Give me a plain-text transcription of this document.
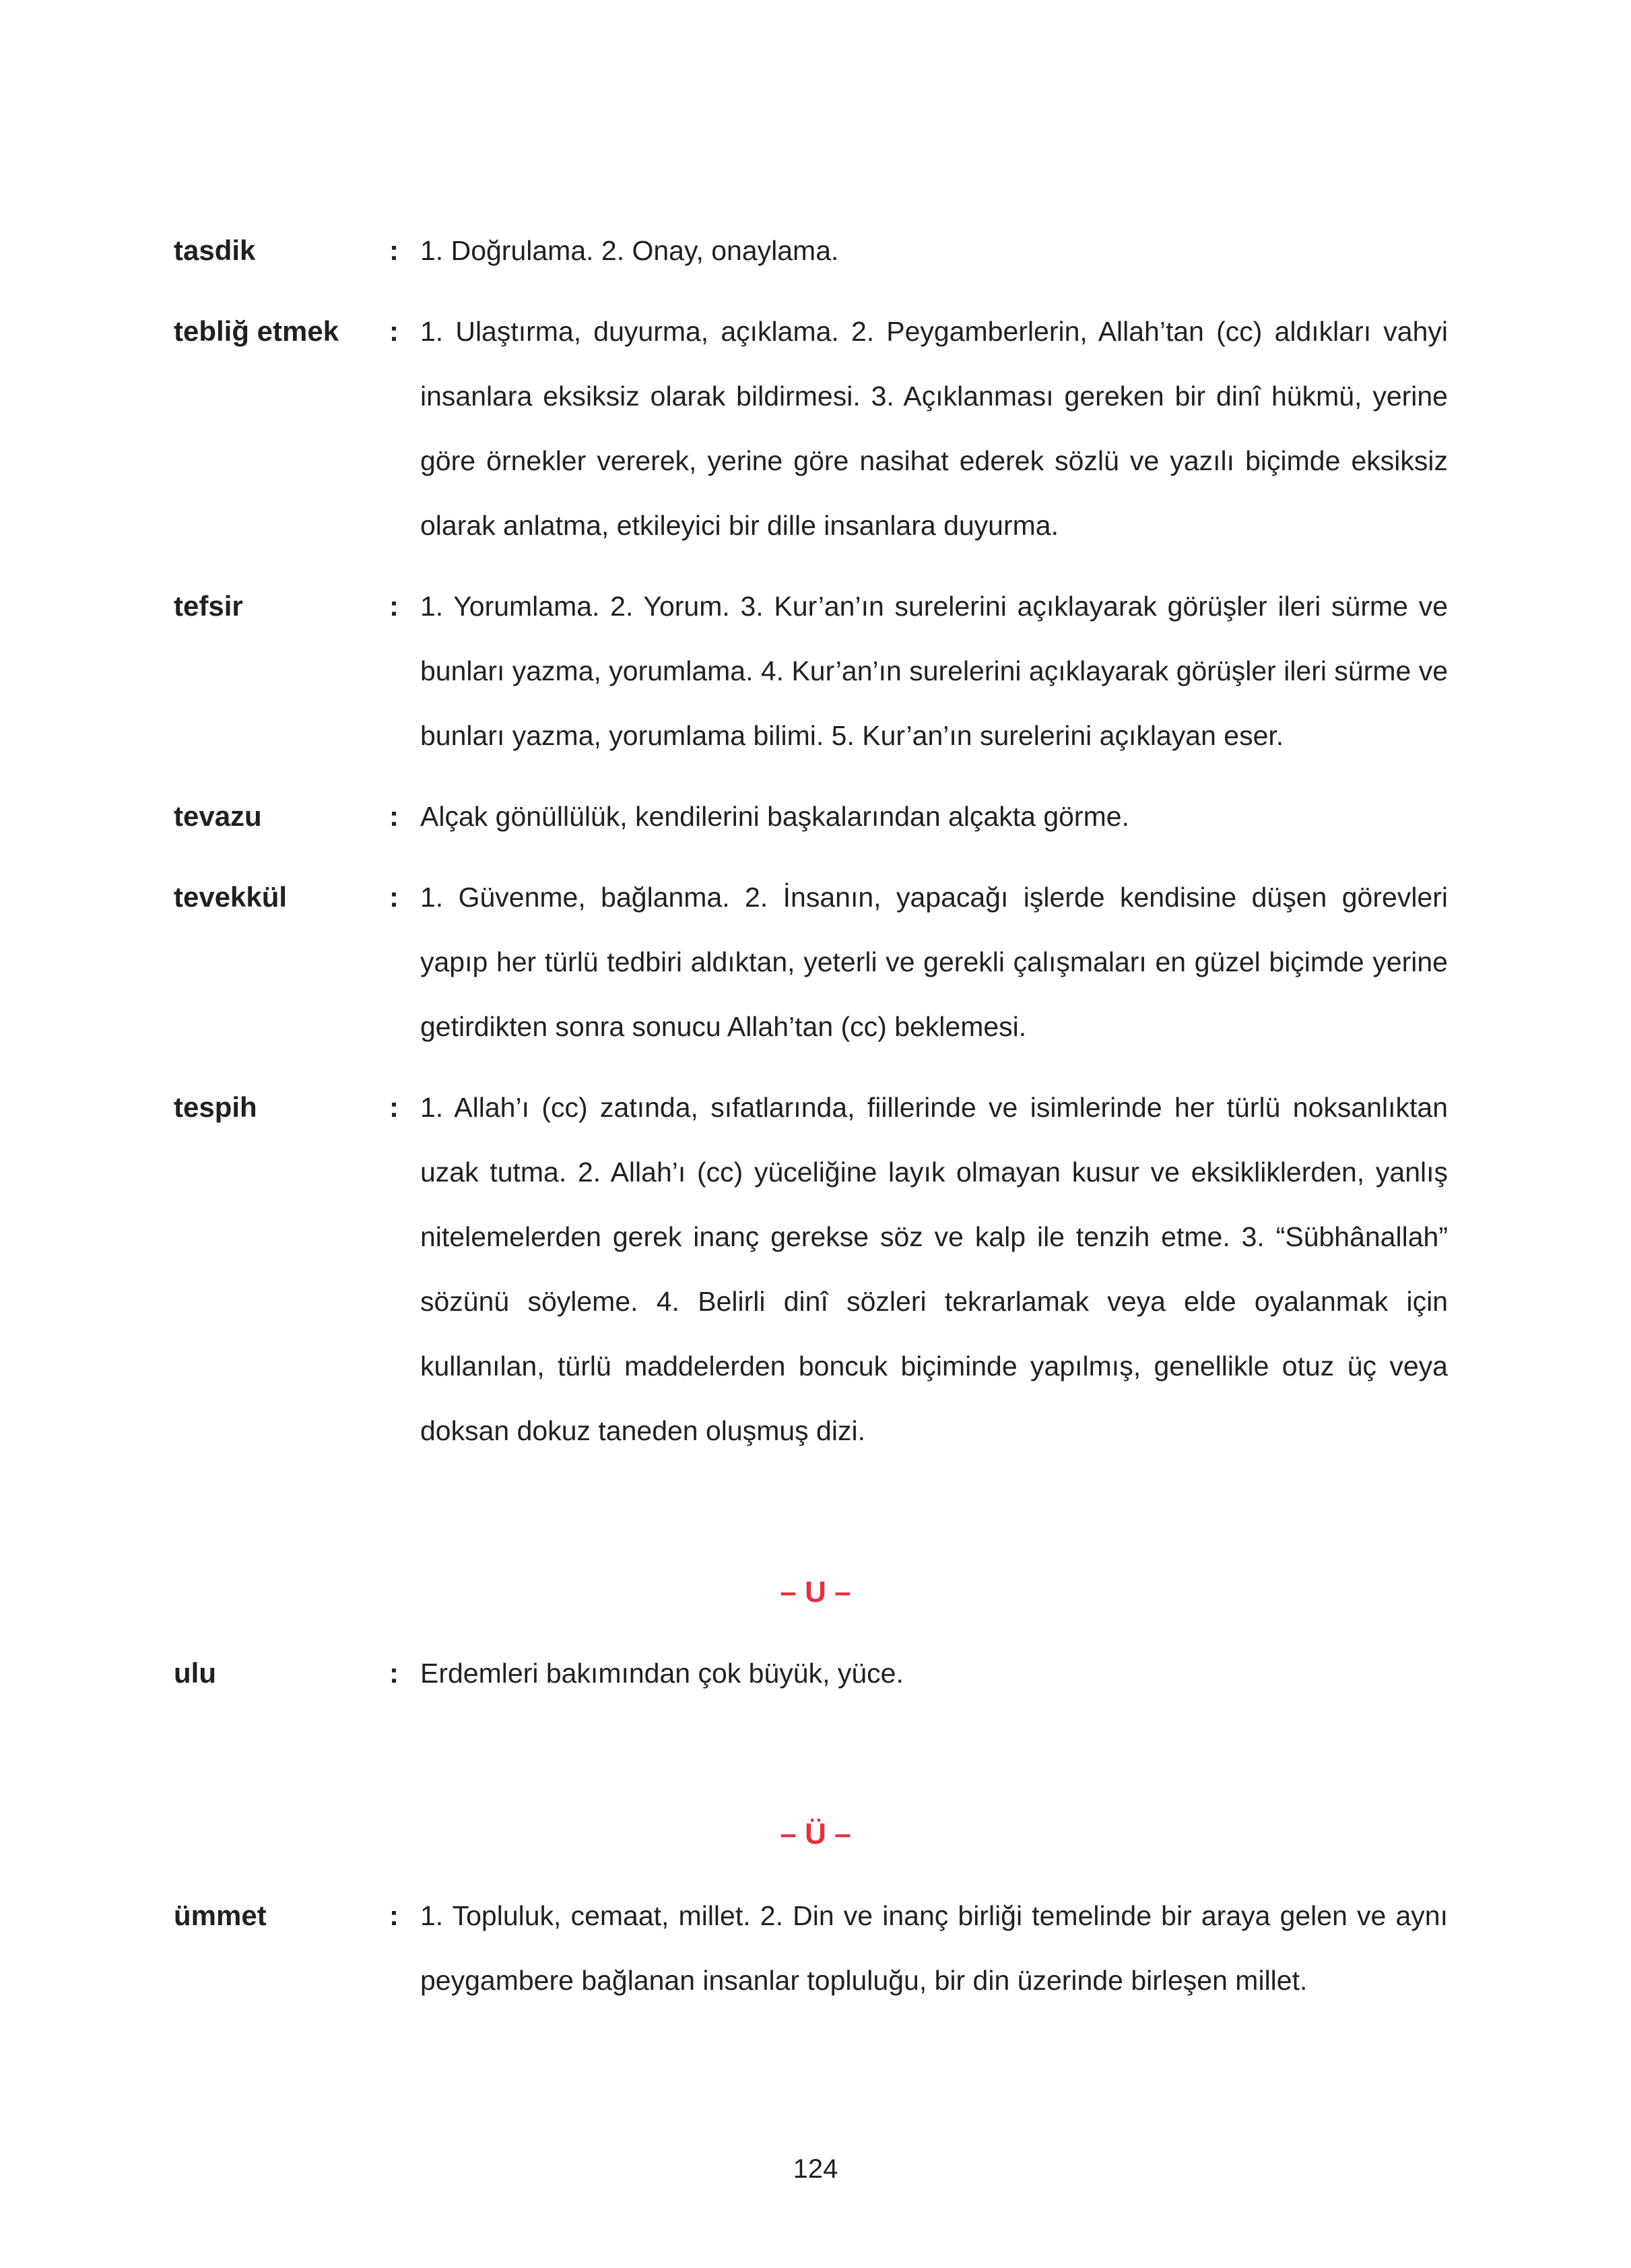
tasdik	: 1. Doğrulama. 2. Onay, onaylama.
tebliğ etmek : 1. Ulaştırma, duyurma, açıklama. 2. Peygamberlerin, Allah’tan (cc) aldıkları vahyi insanlara eksiksiz olarak bildirmesi. 3. Açıklanması gereken bir dinî hükmü, yerine göre örnekler vererek, yerine göre nasihat ederek sözlü ve yazılı biçimde eksiksiz olarak anlatma, etkileyici bir dille insanlara duyurma.
tefsir	: 1. Yorumlama. 2. Yorum. 3. Kur’an’ın surelerini açıklayarak görüşler ileri sürme ve bunları yazma, yorumlama. 4. Kur’an’ın surelerini açıklayarak görüşler ileri sürme ve bunları yazma, yorumlama bilimi. 5. Kur’an’ın surelerini açıklayan eser.
tevazu	: Alçak gönüllülük, kendilerini başkalarından alçakta görme.
tevekkül	: 1. Güvenme, bağlanma. 2. İnsanın, yapacağı işlerde kendisine düşen görevleri yapıp her türlü tedbiri aldıktan, yeterli ve gerekli çalışmaları en güzel biçimde yerine getirdikten sonra sonucu Allah’tan (cc) beklemesi.
tespih	: 1. Allah’ı (cc) zatında, sıfatlarında, fiillerinde ve isimlerinde her türlü noksanlıktan uzak tutma. 2. Allah’ı (cc) yüceliğine layık olmayan kusur ve eksikliklerden, yanlış nitelemelerden gerek inanç gerekse söz ve kalp ile tenzih etme. 3. “Sübhânallah” sözünü söyleme. 4. Belirli dinî sözleri tekrarlamak veya elde oyalanmak için kullanılan, türlü maddelerden boncuk biçiminde yapılmış, genellikle otuz üç veya doksan dokuz taneden oluşmuş dizi.
– U –
ulu	: Erdemleri bakımından çok büyük, yüce.
– Ü –
ümmet	: 1. Topluluk, cemaat, millet. 2. Din ve inanç birliği temelinde bir araya gelen ve aynı peygambere bağlanan insanlar topluluğu, bir din üzerinde birleşen millet.
124
